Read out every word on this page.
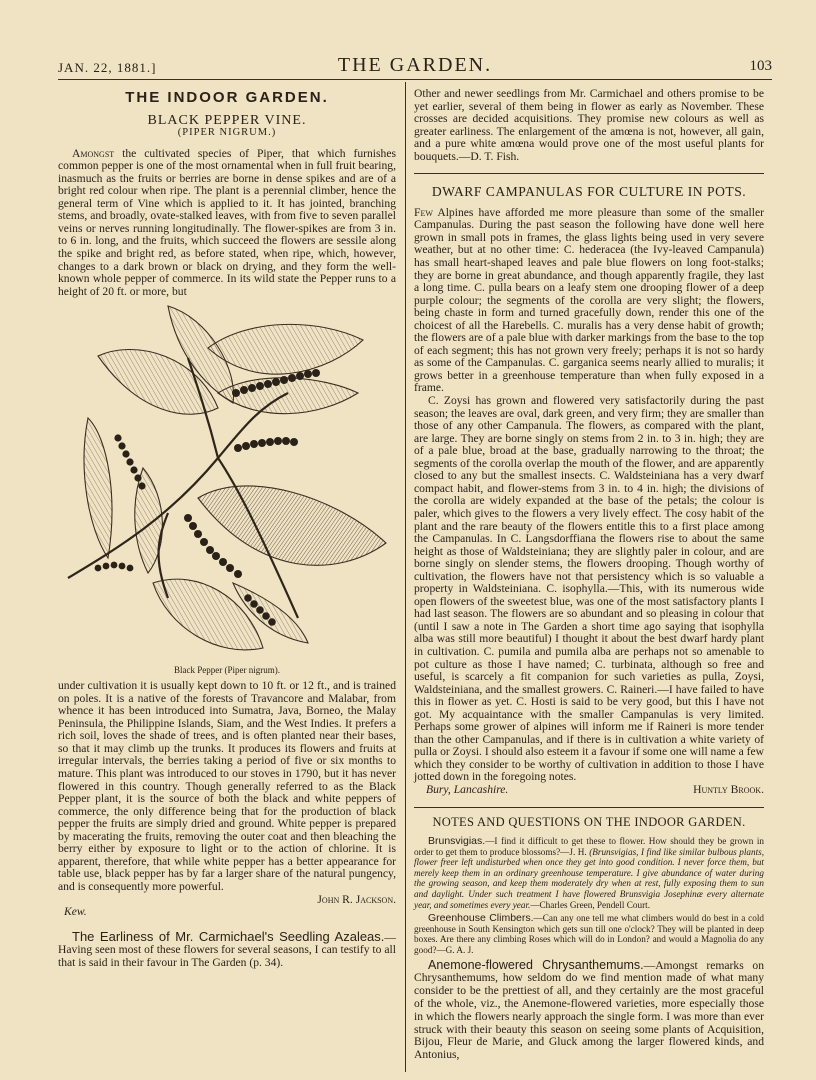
JAN. 22, 1881.]	THE GARDEN.	103
THE INDOOR GARDEN.
BLACK PEPPER VINE.
(PIPER NIGRUM.)

Amongst the cultivated species of Piper, that which furnishes common pepper is one of the most ornamental when in full fruit bearing, inasmuch as the fruits or berries are borne in dense spikes and are of a bright red colour when ripe. The plant is a perennial climber, hence the general term of Vine which is applied to it. It has jointed, branching stems, and broadly, ovate-stalked leaves, with from five to seven parallel veins or nerves running longitudinally. The flower-spikes are from 3 in. to 6 in. long, and the fruits, which succeed the flowers are sessile along the spike and bright red, as before stated, when ripe, which, however, changes to a dark brown or black on drying, and they form the well-known whole pepper of commerce. In its wild state the Pepper runs to a height of 20 ft. or more, but

Black Pepper (Piper nigrum).

under cultivation it is usually kept down to 10 ft. or 12 ft., and is trained on poles. It is a native of the forests of Travancore and Malabar, from whence it has been introduced into Sumatra, Java, Borneo, the Malay Peninsula, the Philippine Islands, Siam, and the West Indies. It prefers a rich soil, loves the shade of trees, and is often planted near their bases, so that it may climb up the trunks. It produces its flowers and fruits at irregular intervals, the berries taking a period of five or six months to mature. This plant was introduced to our stoves in 1790, but it has never flowered in this country. Though generally referred to as the Black Pepper plant, it is the source of both the black and white peppers of commerce, the only difference being that for the production of black pepper the fruits are simply dried and ground. White pepper is prepared by macerating the fruits, removing the outer coat and then bleaching the berry either by exposure to light or to the action of chlorine. It is apparent, therefore, that while white pepper has a better appearance for table use, black pepper has by far a larger share of the natural pungency, and is consequently more powerful.

John R. Jackson.
Kew.

The Earliness of Mr. Carmichael's Seedling Azaleas.—Having seen most of these flowers for several seasons, I can testify to all that is said in their favour in The Garden (p. 34).

Other and newer seedlings from Mr. Carmichael and others promise to be yet earlier, several of them being in flower as early as November. These crosses are decided acquisitions. They promise new colours as well as greater earliness. The enlargement of the amœna is not, however, all gain, and a pure white amœna would prove one of the most useful plants for bouquets.—D. T. Fish.

DWARF CAMPANULAS FOR CULTURE IN POTS.

Few Alpines have afforded me more pleasure than some of the smaller Campanulas. During the past season the following have done well here grown in small pots in frames, the glass lights being used in very severe weather, but at no other time: C. hederacea (the Ivy-leaved Campanula) has small heart-shaped leaves and pale blue flowers on long foot-stalks; they are borne in great abundance, and though apparently fragile, they last a long time. C. pulla bears on a leafy stem one drooping flower of a deep purple colour; the segments of the corolla are very slight; the flowers, being chaste in form and turned gracefully down, render this one of the choicest of all the Harebells. C. muralis has a very dense habit of growth; the flowers are of a pale blue with darker markings from the base to the top of each segment; this has not grown very freely; perhaps it is not so hardy as some of the Campanulas. C. garganica seems nearly allied to muralis; it grows better in a greenhouse temperature than when fully exposed in a frame.

C. Zoysi has grown and flowered very satisfactorily during the past season; the leaves are oval, dark green, and very firm; they are smaller than those of any other Campanula. The flowers, as compared with the plant, are large. They are borne singly on stems from 2 in. to 3 in. high; they are of a pale blue, broad at the base, gradually narrowing to the throat; the segments of the corolla overlap the mouth of the flower, and are apparently closed to any but the smallest insects. C. Waldsteiniana has a very dwarf compact habit, and flower-stems from 3 in. to 4 in. high; the divisions of the corolla are widely expanded at the base of the petals; the colour is paler, which gives to the flowers a very lively effect. The cosy habit of the plant and the rare beauty of the flowers entitle this to a first place among the Campanulas. In C. Langsdorffiana the flowers rise to about the same height as those of Waldsteiniana; they are slightly paler in colour, and are borne singly on slender stems, the flowers drooping. Though worthy of cultivation, the flowers have not that persistency which is so valuable a property in Waldsteiniana. C. isophylla.—This, with its numerous wide open flowers of the sweetest blue, was one of the most satisfactory plants I had last season. The flowers are so abundant and so pleasing in colour that (until I saw a note in The Garden a short time ago saying that isophylla alba was still more beautiful) I thought it about the best dwarf hardy plant in cultivation. C. pumila and pumila alba are perhaps not so amenable to pot culture as those I have named; C. turbinata, although so free and useful, is scarcely a fit companion for such varieties as pulla, Zoysi, Waldsteiniana, and the smallest growers. C. Raineri.—I have failed to have this in flower as yet. C. Hosti is said to be very good, but this I have not got. My acquaintance with the smaller Campanulas is very limited. Perhaps some grower of alpines will inform me if Raineri is more tender than the other Campanulas, and if there is in cultivation a white variety of pulla or Zoysi. I should also esteem it a favour if some one will name a few which they consider to be worthy of cultivation in addition to those I have jotted down in the foregoing notes.

Bury, Lancashire.	Huntly Brook.
NOTES AND QUESTIONS ON THE INDOOR GARDEN.

Brunsvigias.—I find it difficult to get these to flower. How should they be grown in order to get them to produce blossoms?—J. H. (Brunsvigias, I find like similar bulbous plants, flower freer left undisturbed when once they get into good condition. I never force them, but merely keep them in an ordinary greenhouse temperature. I give abundance of water during the growing season, and keep them moderately dry when at rest, fully exposing them to sun and daylight. Under such treatment I have flowered Brunsvigia Josephinæ every alternate year, and sometimes every year.—Charles Green, Pendell Court.

Greenhouse Climbers.—Can any one tell me what climbers would do best in a cold greenhouse in South Kensington which gets sun till one o'clock? They will be planted in deep boxes. Are there any climbing Roses which will do in London? and would a Magnolia do any good?—G. A. J.

Anemone-flowered Chrysanthemums.—Amongst remarks on Chrysanthemums, how seldom do we find mention made of what many consider to be the prettiest of all, and they certainly are the most graceful of the whole, viz., the Anemone-flowered varieties, more especially those in which the flowers nearly approach the single form. I was more than ever struck with their beauty this season on seeing some plants of Acquisition, Bijou, Fleur de Marie, and Gluck among the larger flowered kinds, and Antonius,
